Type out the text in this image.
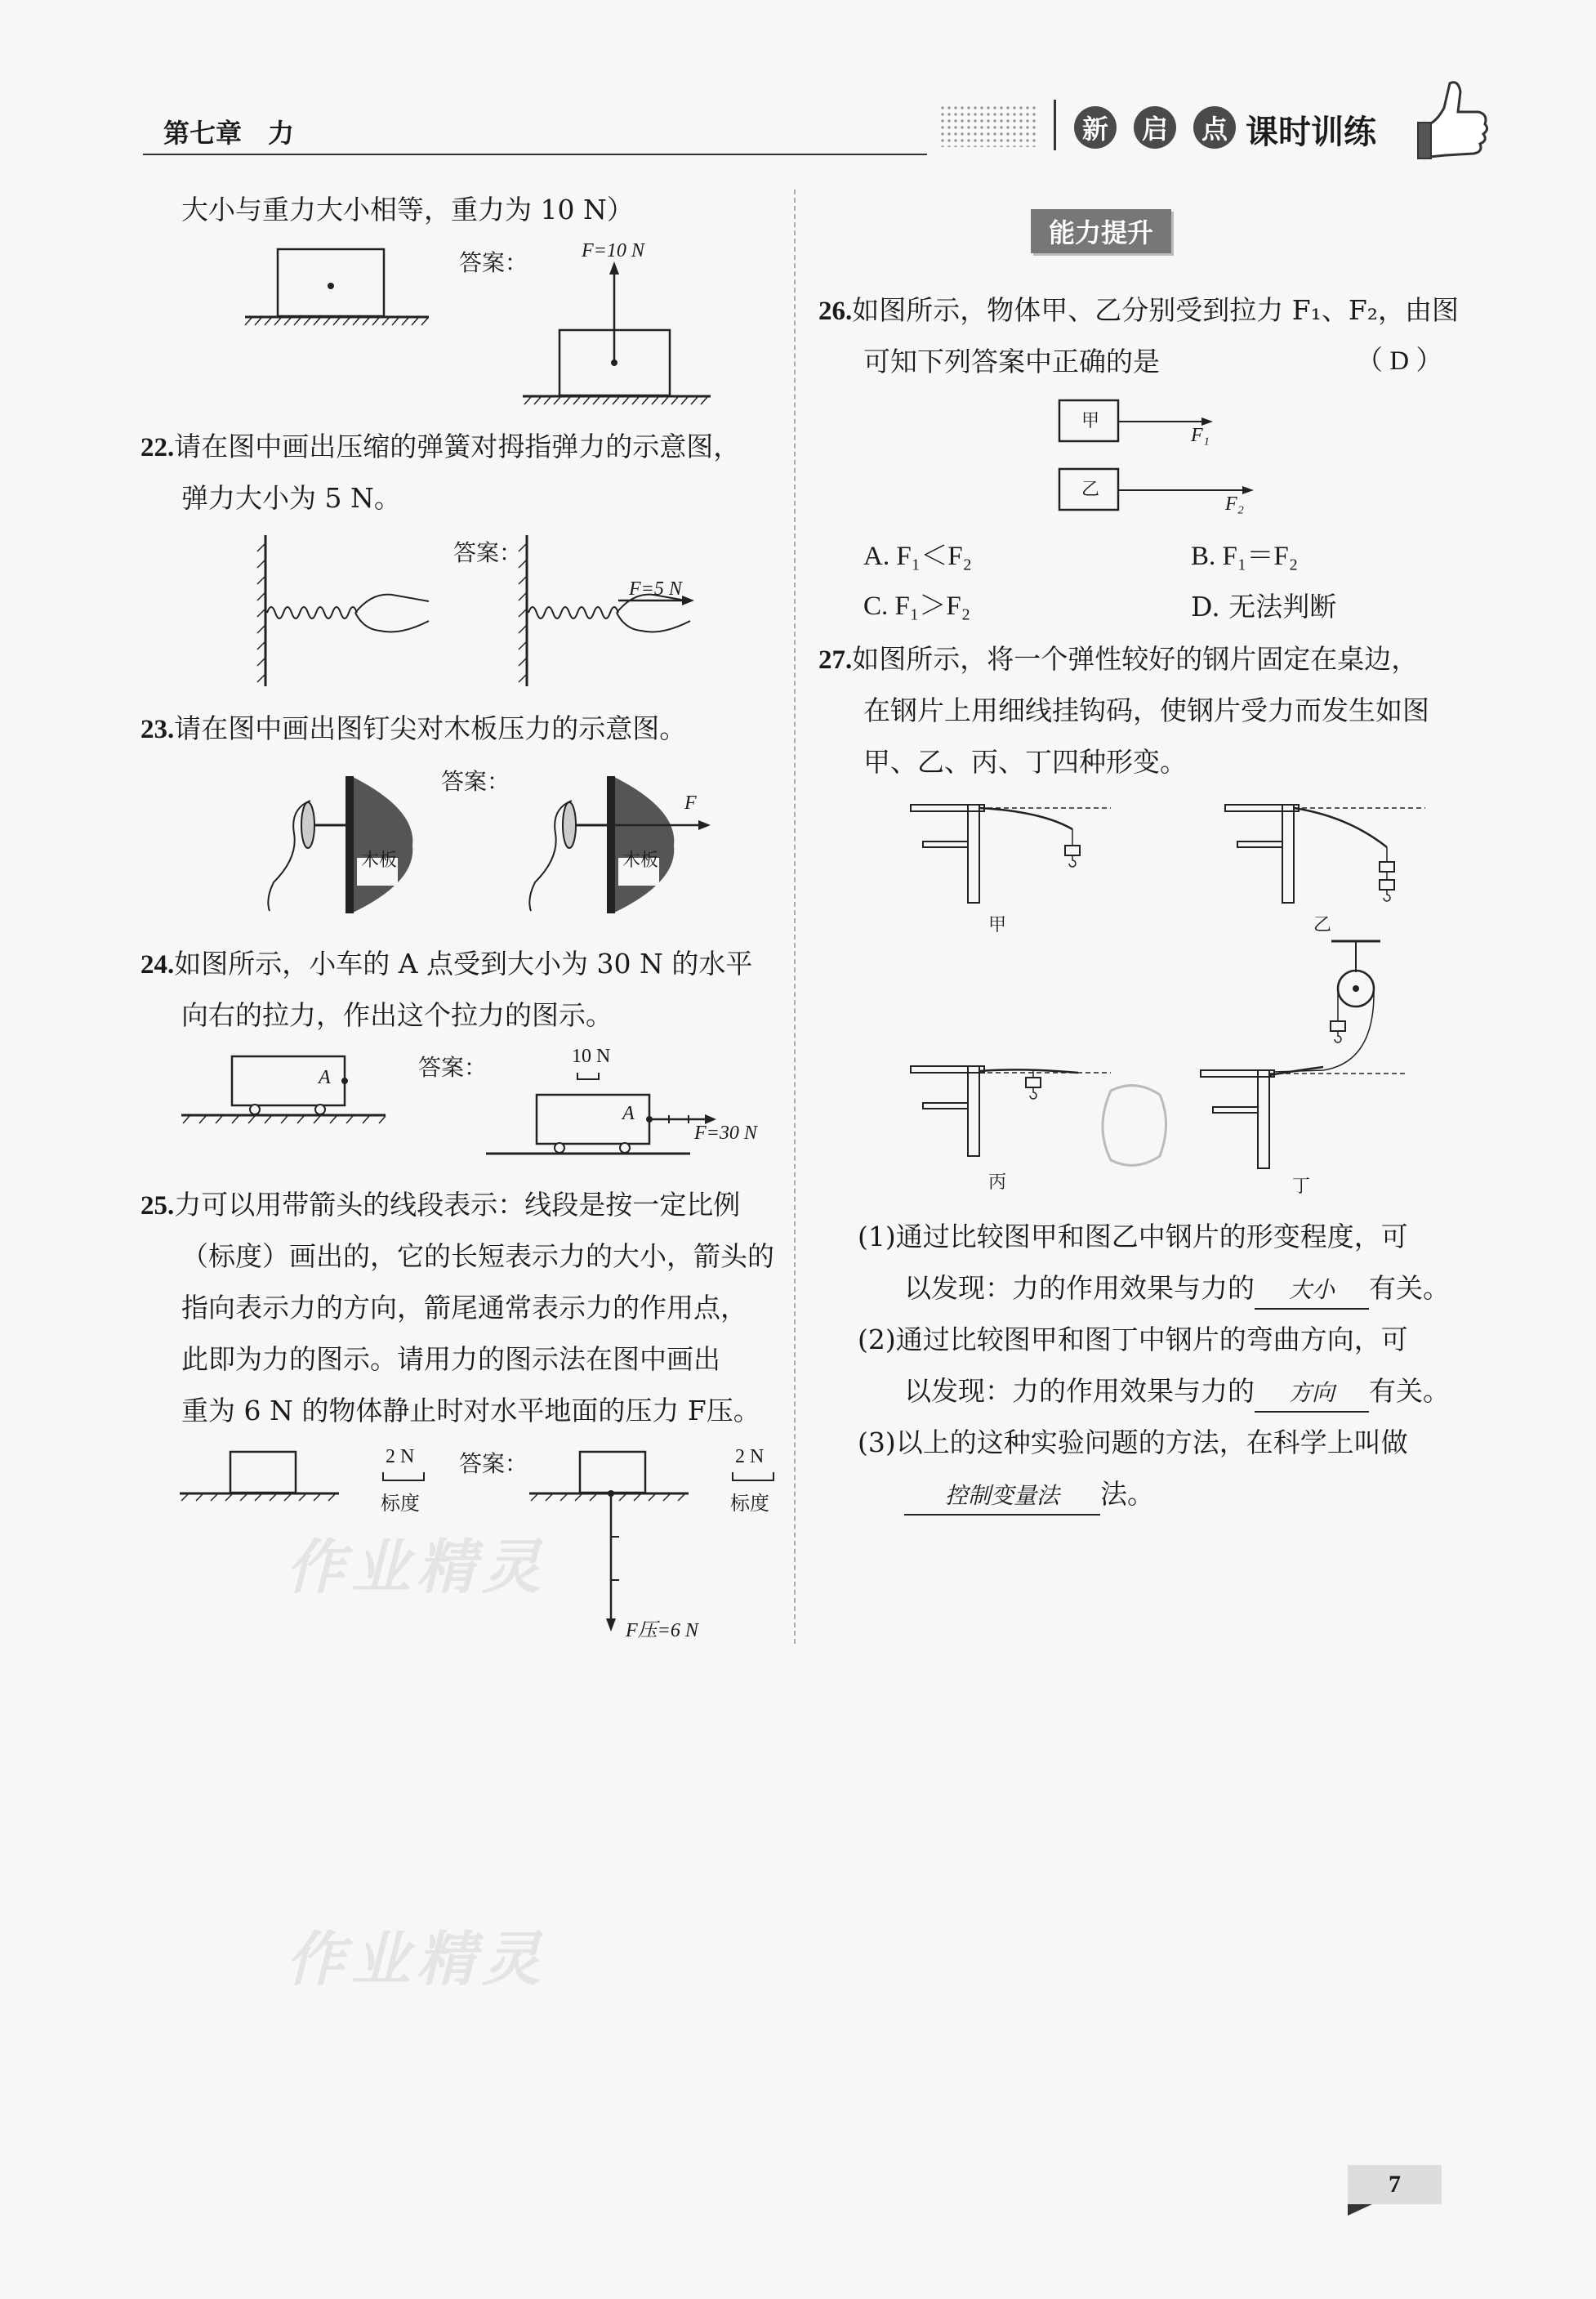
第七章　力	新	启	点 课时训练
大小与重力大小相等，重力为 10 N）
答案：	F=10 N
22.请在图中画出压缩的弹簧对拇指弹力的示意图，
弹力大小为 5 N。
答案：
F=5 N
23.请在图中画出图钉尖对木板压力的示意图。
木板
答案：
木板
F
24.如图所示，小车的 A 点受到大小为 30 N 的水平
向右的拉力，作出这个拉力的图示。
A	答案：	10 N
A
F=30 N
25.力可以用带箭头的线段表示：线段是按一定比例
（标度）画出的，它的长短表示力的大小，箭头的
指向表示力的方向，箭尾通常表示力的作用点，
此即为力的图示。请用力的图示法在图中画出
重为 6 N 的物体静止时对水平地面的压力 F压。
2 N
标度
答案：	2 N
标度
F压=6 N
能力提升
26.如图所示，物体甲、乙分别受到拉力 F₁、F₂，由图
可知下列答案中正确的是	（ D ）
甲
乙
F₁
F₂
A. F₁＜F₂	B. F₁＝F₂
C. F₁＞F₂	D. 无法判断
27.如图所示，将一个弹性较好的钢片固定在桌边，
在钢片上用细线挂钩码，使钢片受力而发生如图
甲、乙、丙、丁四种形变。
甲	乙
丙	丁
(1)通过比较图甲和图乙中钢片的形变程度，可
以发现：力的作用效果与力的 大小 有关。
(2)通过比较图甲和图丁中钢片的弯曲方向，可
以发现：力的作用效果与力的 方向 有关。
(3)以上的这种实验问题的方法，在科学上叫做
控制变量法 法。
作业精灵
作业精灵
7
